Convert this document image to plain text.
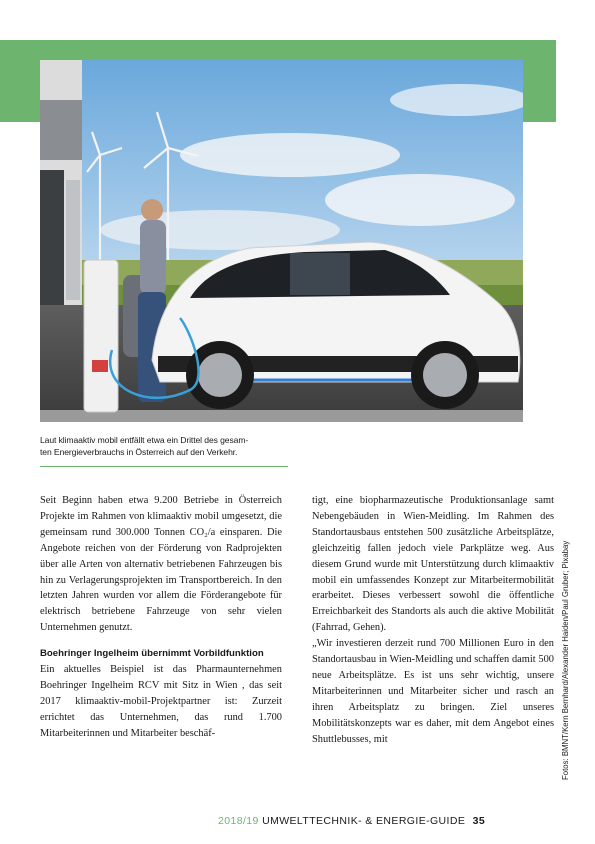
Laut klimaaktiv mobil entfällt etwa ein Drittel des gesam-
ten Energieverbrauchs in Österreich auf den Verkehr.

Seit Beginn haben etwa 9.200 Betriebe in Österreich Projekte im Rahmen von klimaaktiv mobil umgesetzt, die gemeinsam rund 300.000 Tonnen CO₂/a einsparen. Die Angebote reichen von der Förderung von Radprojekten über alle Arten von alternativ betriebenen Fahrzeugen bis hin zu Verlagerungsprojekten im Transportbereich. In den letzten Jahren wurden vor allem die Förderangebote für elektrisch betriebene Fahrzeuge von sehr vielen Unternehmen genutzt.

Boehringer Ingelheim übernimmt Vorbildfunktion

Ein aktuelles Beispiel ist das Pharmaunternehmen Boehringer Ingelheim RCV mit Sitz in Wien , das seit 2017 klimaaktiv-mobil-Projektpartner ist: Zurzeit errichtet das Unternehmen, das rund 1.700 Mitarbeiterinnen und Mitarbeiter beschäf-

tigt, eine biopharmazeutische Produktionsanlage samt Nebengebäuden in Wien-Meidling. Im Rahmen des Standortausbaus entstehen 500 zusätzliche Arbeitsplätze, gleichzeitig fallen jedoch viele Parkplätze weg. Aus diesem Grund wurde mit Unterstützung durch klimaaktiv mobil ein umfassendes Konzept zur Mitarbeitermobilität erarbeitet. Dieses verbessert sowohl die öffentliche Erreichbarkeit des Standorts als auch die aktive Mobilität (Fahrrad, Gehen).

„Wir investieren derzeit rund 700 Millionen Euro in den Standortausbau in Wien-Meidling und schaffen damit 500 neue Arbeitsplätze. Es ist uns sehr wichtig, unsere Mitarbeiterinnen und Mitarbeiter sicher und rasch an ihren Arbeitsplatz zu bringen. Ziel unseres Mobilitätskonzepts war es daher, mit dem Angebot eines Shuttlebusses, mit	Fotos: BMNT/Kern Bernhard/Alexander Haiden/Paul Gruber; Pixabay
2018/19 UMWELTTECHNIK- & ENERGIE-GUIDE 35
